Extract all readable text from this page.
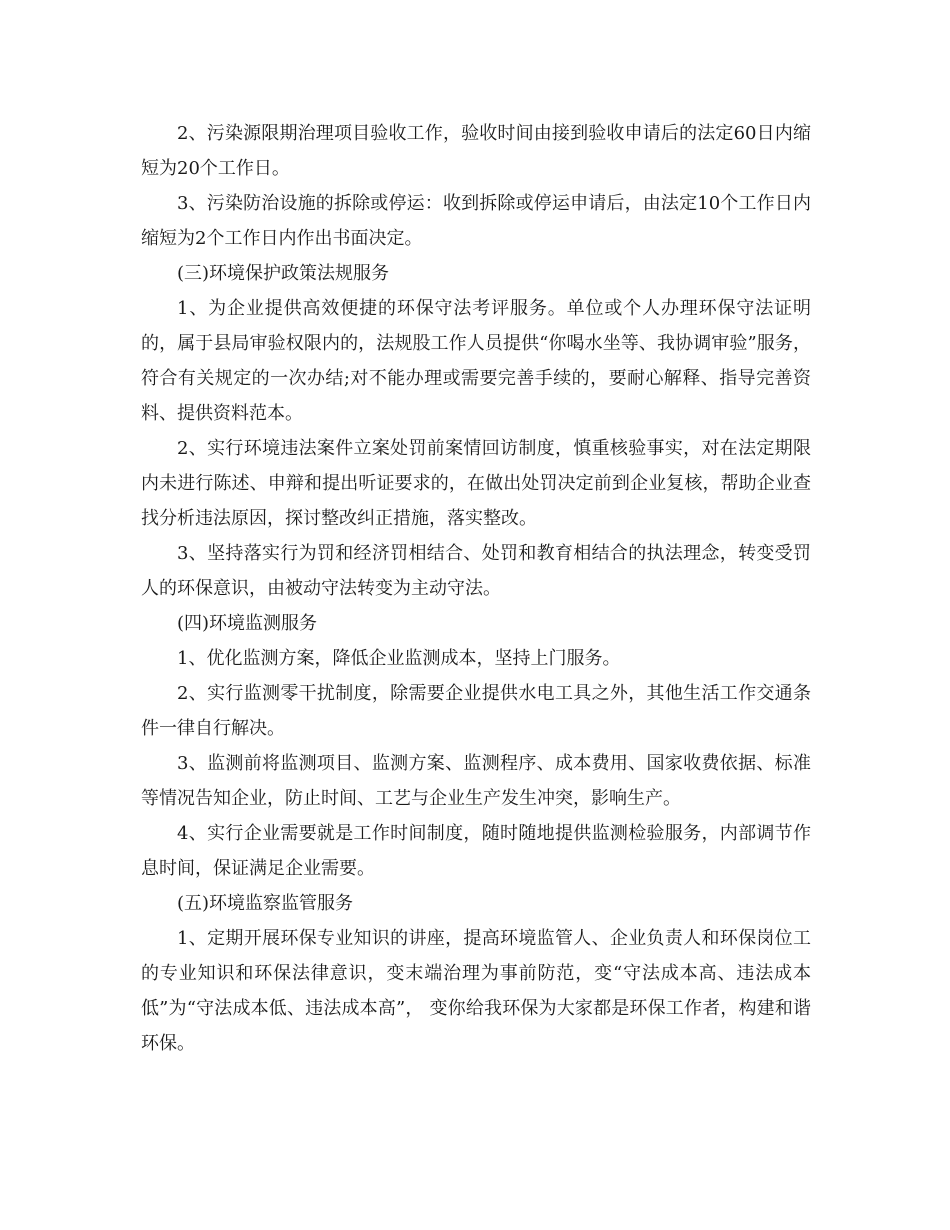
2、污染源限期治理项目验收工作，验收时间由接到验收申请后的法定60日内缩短为20个工作日。

3、污染防治设施的拆除或停运：收到拆除或停运申请后，由法定10个工作日内缩短为2个工作日内作出书面决定。

(三)环境保护政策法规服务

1、为企业提供高效便捷的环保守法考评服务。单位或个人办理环保守法证明的，属于县局审验权限内的，法规股工作人员提供“你喝水坐等、我协调审验”服务，符合有关规定的一次办结;对不能办理或需要完善手续的，要耐心解释、指导完善资料、提供资料范本。

2、实行环境违法案件立案处罚前案情回访制度，慎重核验事实，对在法定期限内未进行陈述、申辩和提出听证要求的，在做出处罚决定前到企业复核，帮助企业查找分析违法原因，探讨整改纠正措施，落实整改。

3、坚持落实行为罚和经济罚相结合、处罚和教育相结合的执法理念，转变受罚人的环保意识，由被动守法转变为主动守法。

(四)环境监测服务

1、优化监测方案，降低企业监测成本，坚持上门服务。

2、实行监测零干扰制度，除需要企业提供水电工具之外，其他生活工作交通条件一律自行解决。

3、监测前将监测项目、监测方案、监测程序、成本费用、国家收费依据、标准等情况告知企业，防止时间、工艺与企业生产发生冲突，影响生产。

4、实行企业需要就是工作时间制度，随时随地提供监测检验服务，内部调节作息时间，保证满足企业需要。

(五)环境监察监管服务

1、定期开展环保专业知识的讲座，提高环境监管人、企业负责人和环保岗位工的专业知识和环保法律意识，变末端治理为事前防范，变“守法成本高、违法成本低”为“守法成本低、违法成本高”， 变你给我环保为大家都是环保工作者，构建和谐环保。
